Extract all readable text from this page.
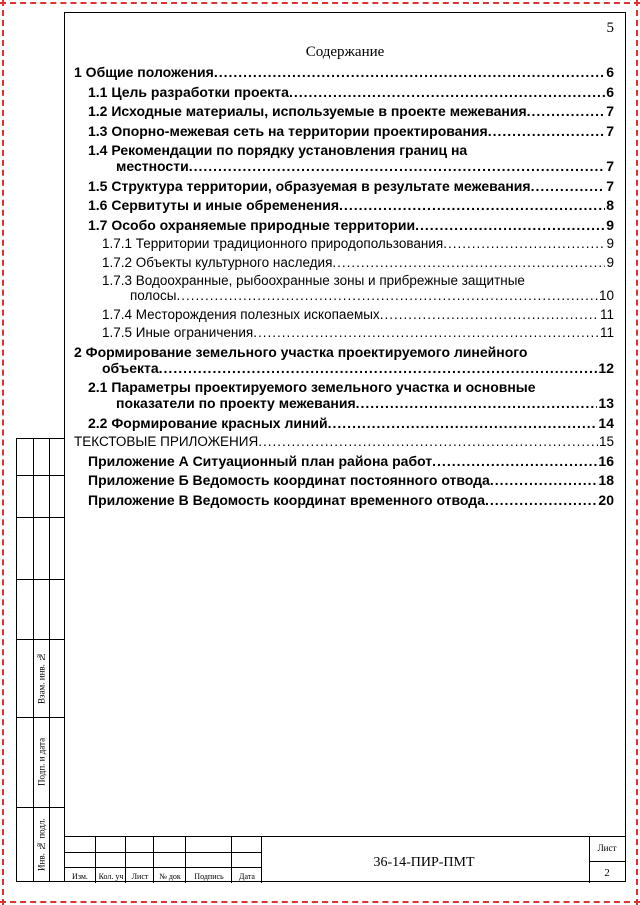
Взам. инв. №
Подп. и дата
Инв. № подл.
5
Содержание
1 Общие положения .....	6
1.1 Цель разработки проекта .....	6
1.2 Исходные материалы, используемые в проекте межевания .....	7
1.3 Опорно-межевая сеть на территории проектирования .....	7
1.4 Рекомендации по порядку установления границ на
местности .....	7
1.5 Структура территории, образуемая в результате межевания .....	7
1.6 Сервитуты и иные обременения .....	8
1.7 Особо охраняемые природные территории .....	9
1.7.1 Территории традиционного природопользования .....	9
1.7.2 Объекты культурного наследия .....	9
1.7.3 Водоохранные, рыбоохранные зоны и прибрежные защитные
полосы .....	10
1.7.4 Месторождения полезных ископаемых .....	11
1.7.5 Иные ограничения .....	11
2 Формирование земельного участка проектируемого линейного
объекта .....	12
2.1 Параметры проектируемого земельного участка и основные
показатели по проекту межевания .....	13
2.2 Формирование красных линий .....	14
ТЕКСТОВЫЕ ПРИЛОЖЕНИЯ .....	15
Приложение А Ситуационный план района работ .....	16
Приложение Б Ведомость координат постоянного отвода .....	18
Приложение В Ведомость координат временного отвода .....	20
Изм.	Кол. уч	Лист	№ док	Подпись	Дата
36-14-ПИР-ПМТ
Лист
2
